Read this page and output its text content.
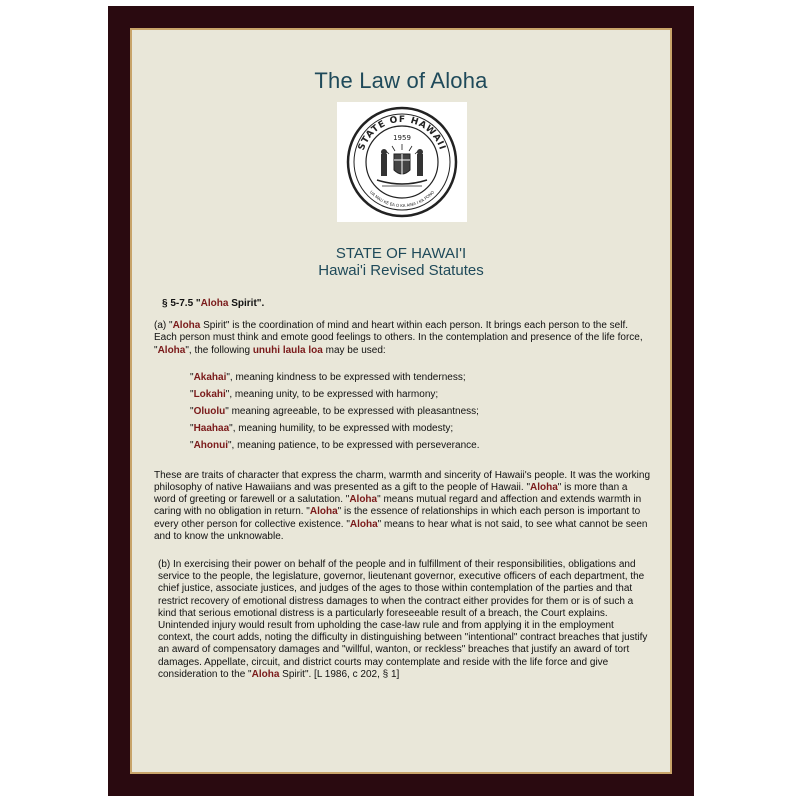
The Law of Aloha
STATE OF HAWAII
UA MAU KE EA O KA AINA I KA PONO
1959
STATE OF HAWAI'I
Hawai'i Revised Statutes
§ 5-7.5 "Aloha Spirit".

(a) "Aloha Spirit" is the coordination of mind and heart within each person. It brings each person to the self. Each person must think and emote good feelings to others. In the contemplation and presence of the life force, "Aloha", the following unuhi laula loa may be used:

"Akahai", meaning kindness to be expressed with tenderness;
"Lokahi", meaning unity, to be expressed with harmony;
"Oluolu" meaning agreeable, to be expressed with pleasantness;
"Haahaa", meaning humility, to be expressed with modesty;
"Ahonui", meaning patience, to be expressed with perseverance.

These are traits of character that express the charm, warmth and sincerity of Hawaii's people. It was the working philosophy of native Hawaiians and was presented as a gift to the people of Hawaii. "Aloha" is more than a word of greeting or farewell or a salutation. "Aloha" means mutual regard and affection and extends warmth in caring with no obligation in return. "Aloha" is the essence of relationships in which each person is important to every other person for collective existence. "Aloha" means to hear what is not said, to see what cannot be seen and to know the unknowable.

(b) In exercising their power on behalf of the people and in fulfillment of their responsibilities, obligations and service to the people, the legislature, governor, lieutenant governor, executive officers of each department, the chief justice, associate justices, and judges of the ages to those within contemplation of the parties and that restrict recovery of emotional distress damages to when the contract either provides for them or is of such a kind that serious emotional distress is a particularly foreseeable result of a breach, the Court explains. Unintended injury would result from upholding the case-law rule and from applying it in the employment context, the court adds, noting the difficulty in distinguishing between "intentional" contract breaches that justify an award of compensatory damages and "willful, wanton, or reckless" breaches that justify an award of tort damages. Appellate, circuit, and district courts may contemplate and reside with the life force and give consideration to the "Aloha Spirit". [L 1986, c 202, § 1]
